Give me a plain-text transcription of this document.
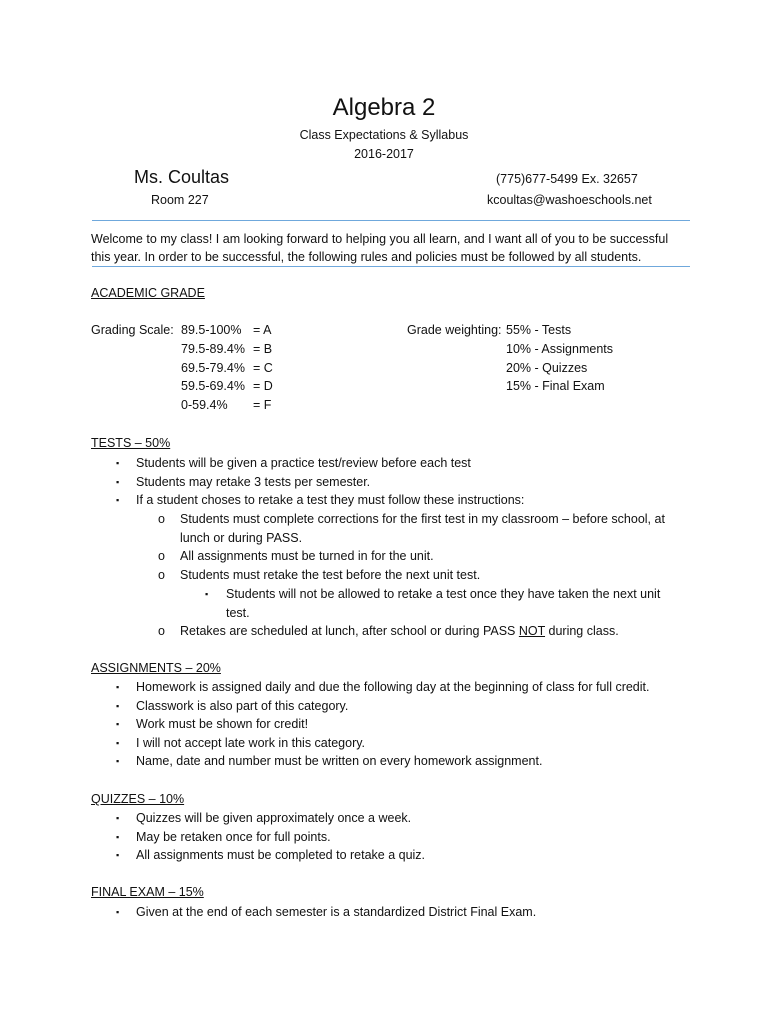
Algebra 2
Class Expectations & Syllabus
2016-2017
Ms. Coultas	(775)677-5499 Ex. 32657
Room 227	kcoultas@washoeschools.net
Welcome to my class! I am looking forward to helping you all learn, and I want all of you to be successful this year. In order to be successful, the following rules and policies must be followed by all students.
ACADEMIC GRADE
Grading Scale: 89.5-100% = A
79.5-89.4% = B
69.5-79.4% = C
59.5-69.4% = D
0-59.4% = F
Grade weighting: 55% - Tests
10% - Assignments
20% - Quizzes
15% - Final Exam
TESTS – 50%
▪ Students will be given a practice test/review before each test
▪ Students may retake 3 tests per semester.
▪ If a student choses to retake a test they must follow these instructions:
o Students must complete corrections for the first test in my classroom – before school, at lunch or during PASS.
o All assignments must be turned in for the unit.
o Students must retake the test before the next unit test.
▪ Students will not be allowed to retake a test once they have taken the next unit test.
o Retakes are scheduled at lunch, after school or during PASS NOT during class.
ASSIGNMENTS – 20%
▪ Homework is assigned daily and due the following day at the beginning of class for full credit.
▪ Classwork is also part of this category.
▪ Work must be shown for credit!
▪ I will not accept late work in this category.
▪ Name, date and number must be written on every homework assignment.
QUIZZES – 10%
▪ Quizzes will be given approximately once a week.
▪ May be retaken once for full points.
▪ All assignments must be completed to retake a quiz.
FINAL EXAM – 15%
▪ Given at the end of each semester is a standardized District Final Exam.
